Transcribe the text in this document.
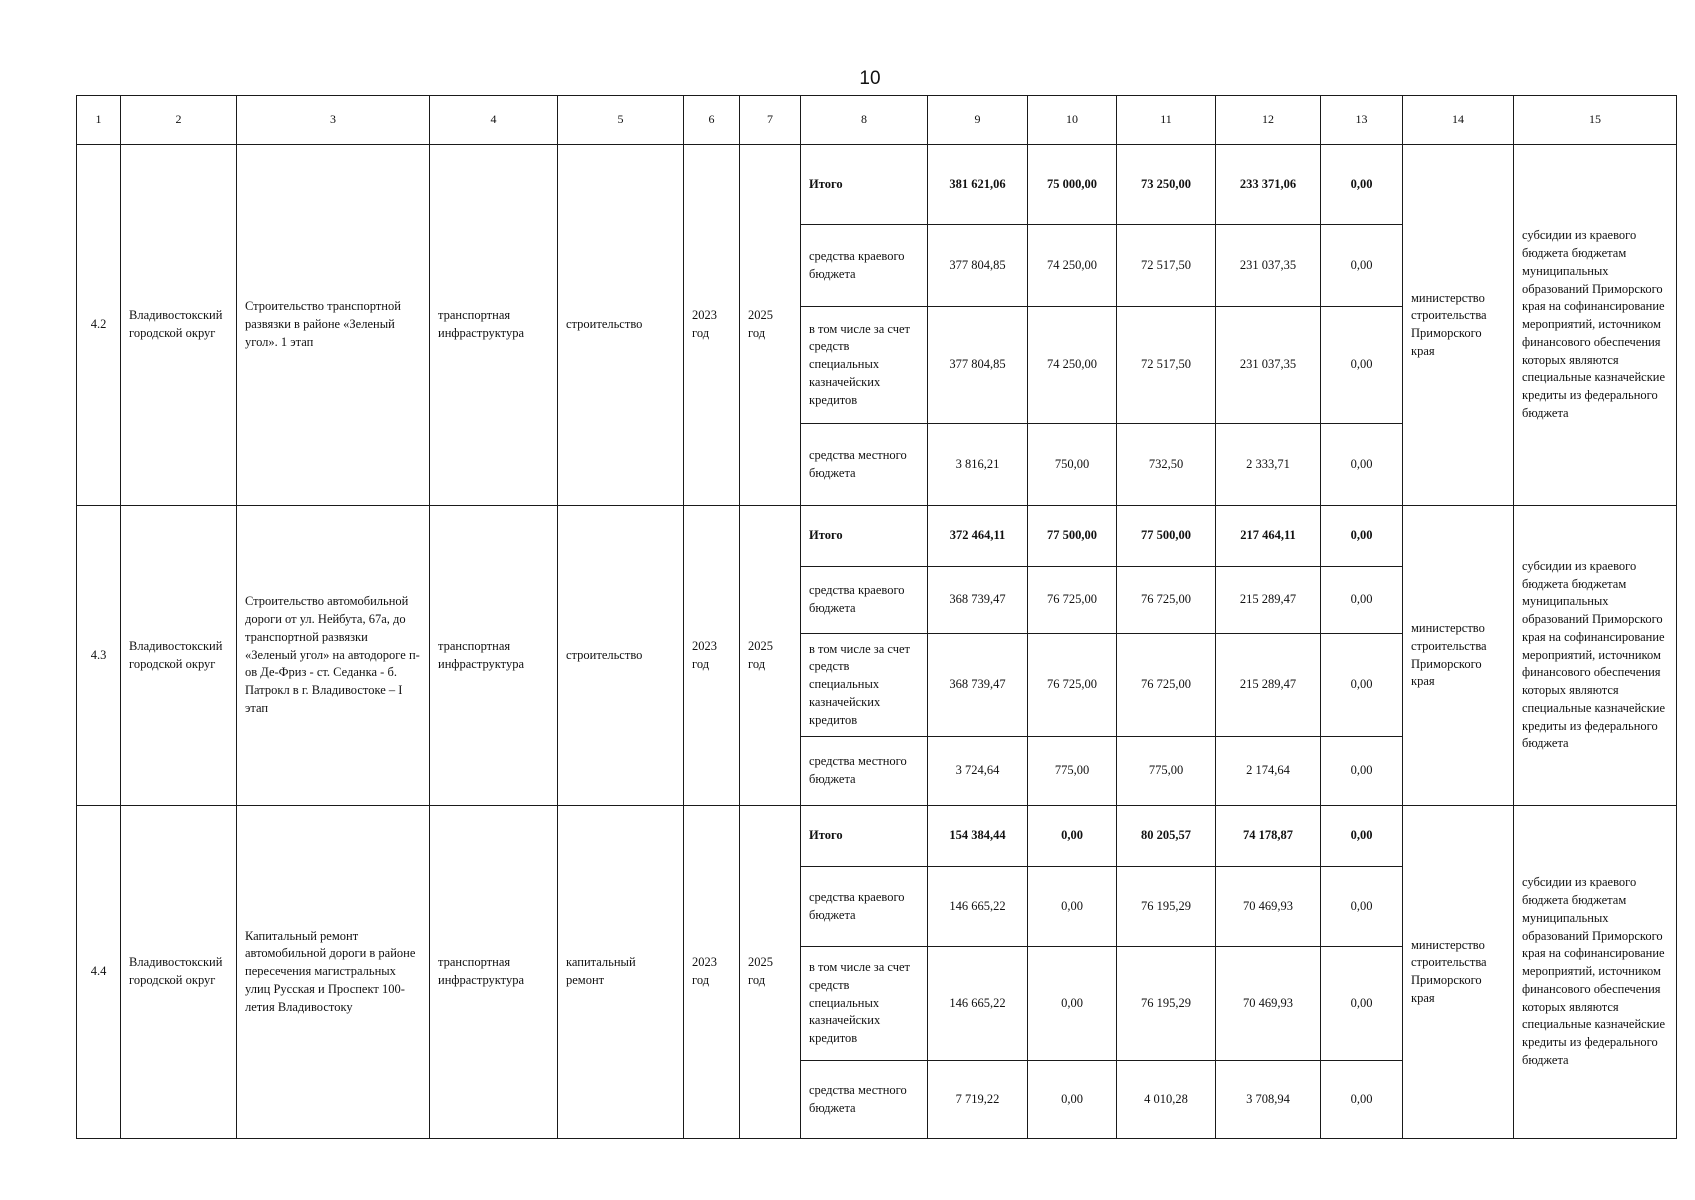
10
1	2	3	4	5	6	7	8	9	10	11	12	13	14	15
4.2	Владивостокский городской округ	Строительство транспортной развязки в районе «Зеленый угол». 1 этап	транспортная инфраструктура	строительство	2023 год	2025 год	Итого	381 621,06	75 000,00	73 250,00	233 371,06	0,00	министерство строительства Приморского края	субсидии из краевого бюджета бюджетам муниципальных образований Приморского края на софинансирование мероприятий, источником финансового обеспечения которых являются специальные казначейские кредиты из федерального бюджета
							средства краевого бюджета	377 804,85	74 250,00	72 517,50	231 037,35	0,00		
							в том числе за счет средств специальных казначейских кредитов	377 804,85	74 250,00	72 517,50	231 037,35	0,00		
							средства местного бюджета	3 816,21	750,00	732,50	2 333,71	0,00		
4.3	Владивостокский городской округ	Строительство автомобильной дороги от ул. Нейбута, 67а, до транспортной развязки «Зеленый угол» на автодороге п-ов Де-Фриз - ст. Седанка - б. Патрокл в г. Владивостоке – I этап	транспортная инфраструктура	строительство	2023 год	2025 год	Итого	372 464,11	77 500,00	77 500,00	217 464,11	0,00	министерство строительства Приморского края	субсидии из краевого бюджета бюджетам муниципальных образований Приморского края на софинансирование мероприятий, источником финансового обеспечения которых являются специальные казначейские кредиты из федерального бюджета
							средства краевого бюджета	368 739,47	76 725,00	76 725,00	215 289,47	0,00		
							в том числе за счет средств специальных казначейских кредитов	368 739,47	76 725,00	76 725,00	215 289,47	0,00		
							средства местного бюджета	3 724,64	775,00	775,00	2 174,64	0,00		
4.4	Владивостокский городской округ	Капитальный ремонт автомобильной дороги в районе пересечения магистральных улиц Русская и Проспект 100-летия Владивостоку	транспортная инфраструктура	капитальный ремонт	2023 год	2025 год	Итого	154 384,44	0,00	80 205,57	74 178,87	0,00	министерство строительства Приморского края	субсидии из краевого бюджета бюджетам муниципальных образований Приморского края на софинансирование мероприятий, источником финансового обеспечения которых являются специальные казначейские кредиты из федерального бюджета
							средства краевого бюджета	146 665,22	0,00	76 195,29	70 469,93	0,00		
							в том числе за счет средств специальных казначейских кредитов	146 665,22	0,00	76 195,29	70 469,93	0,00		
							средства местного бюджета	7 719,22	0,00	4 010,28	3 708,94	0,00		
